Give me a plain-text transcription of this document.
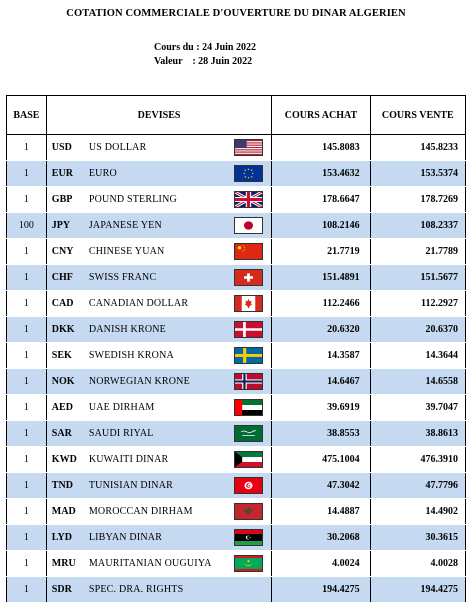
COTATION COMMERCIALE D'OUVERTURE DU DINAR ALGERIEN
Cours du : 24 Juin 2022
Valeur : 28 Juin 2022
BASE	DEVISES			COURS ACHAT	COURS VENTE
1	USD	US DOLLAR		145.8083	145.8233
1	EUR	EURO		153.4632	153.5374
1	GBP	POUND STERLING		178.6647	178.7269
100	JPY	JAPANESE YEN		108.2146	108.2337
1	CNY	CHINESE YUAN		21.7719	21.7789
1	CHF	SWISS FRANC		151.4891	151.5677
1	CAD	CANADIAN DOLLAR		112.2466	112.2927
1	DKK	DANISH KRONE		20.6320	20.6370
1	SEK	SWEDISH KRONA		14.3587	14.3644
1	NOK	NORWEGIAN KRONE		14.6467	14.6558
1	AED	UAE DIRHAM		39.6919	39.7047
1	SAR	SAUDI RIYAL		38.8553	38.8613
1	KWD	KUWAITI DINAR		475.1004	476.3910
1	TND	TUNISIAN DINAR		47.3042	47.7796
1	MAD	MOROCCAN DIRHAM		14.4887	14.4902
1	LYD	LIBYAN DINAR		30.2068	30.3615
1	MRU	MAURITANIAN OUGUIYA		4.0024	4.0028
1	SDR	SPEC. DRA. RIGHTS		194.4275	194.4275
